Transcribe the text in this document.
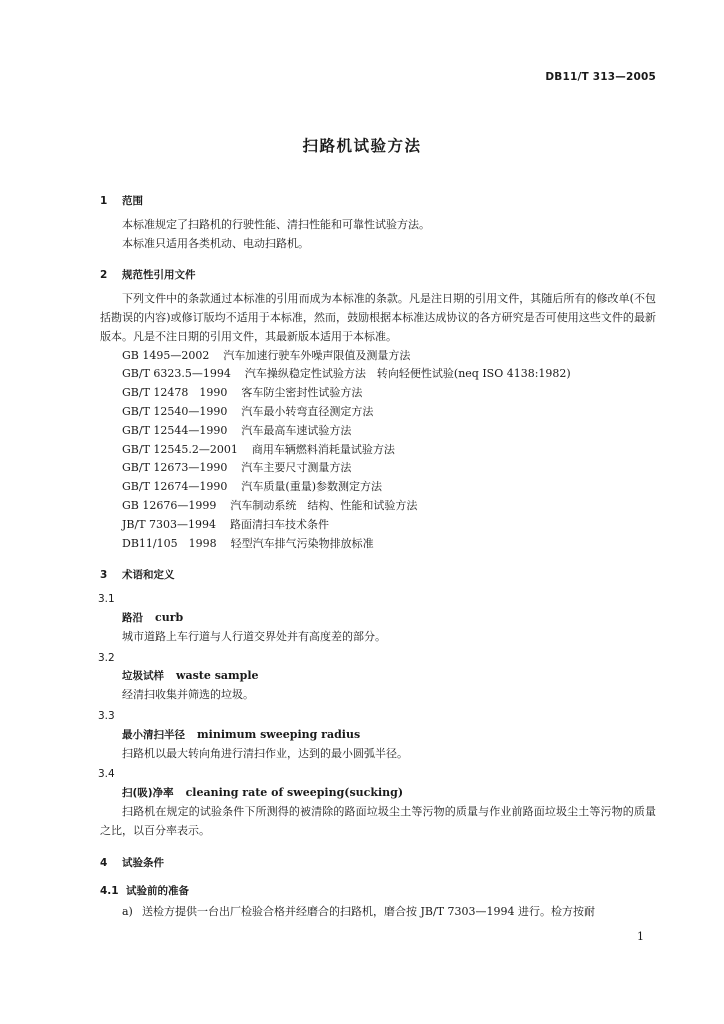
DB11/T 313—2005
扫路机试验方法
1 范围

本标准规定了扫路机的行驶性能、清扫性能和可靠性试验方法。

本标准只适用各类机动、电动扫路机。

2 规范性引用文件

下列文件中的条款通过本标准的引用而成为本标准的条款。凡是注日期的引用文件，其随后所有的修改单(不包括勘误的内容)或修订版均不适用于本标准，然而，鼓励根据本标准达成协议的各方研究是否可使用这些文件的最新版本。凡是不注日期的引用文件，其最新版本适用于本标准。

GB 1495—2002 汽车加速行驶车外噪声限值及测量方法

GB/T 6323.5—1994 汽车操纵稳定性试验方法　转向轻便性试验(neq ISO 4138:1982)

GB/T 12478　1990 客车防尘密封性试验方法

GB/T 12540—1990 汽车最小转弯直径测定方法

GB/T 12544—1990 汽车最高车速试验方法

GB/T 12545.2—2001 商用车辆燃料消耗量试验方法

GB/T 12673—1990 汽车主要尺寸测量方法

GB/T 12674—1990 汽车质量(重量)参数测定方法

GB 12676—1999 汽车制动系统　结构、性能和试验方法

JB/T 7303—1994 路面清扫车技术条件

DB11/105　1998 轻型汽车排气污染物排放标准

3 术语和定义
3.1

路沿 curb

城市道路上车行道与人行道交界处并有高度差的部分。

3.2

垃圾试样 waste sample

经清扫收集并筛选的垃圾。

3.3

最小清扫半径 minimum sweeping radius

扫路机以最大转向角进行清扫作业，达到的最小圆弧半径。

3.4

扫(吸)净率 cleaning rate of sweeping(sucking)

扫路机在规定的试验条件下所测得的被清除的路面垃圾尘土等污物的质量与作业前路面垃圾尘土等污物的质量之比，以百分率表示。

4 试验条件
4.1 试验前的准备

a) 送检方提供一台出厂检验合格并经磨合的扫路机，磨合按 JB/T 7303—1994 进行。检方按耐

1
